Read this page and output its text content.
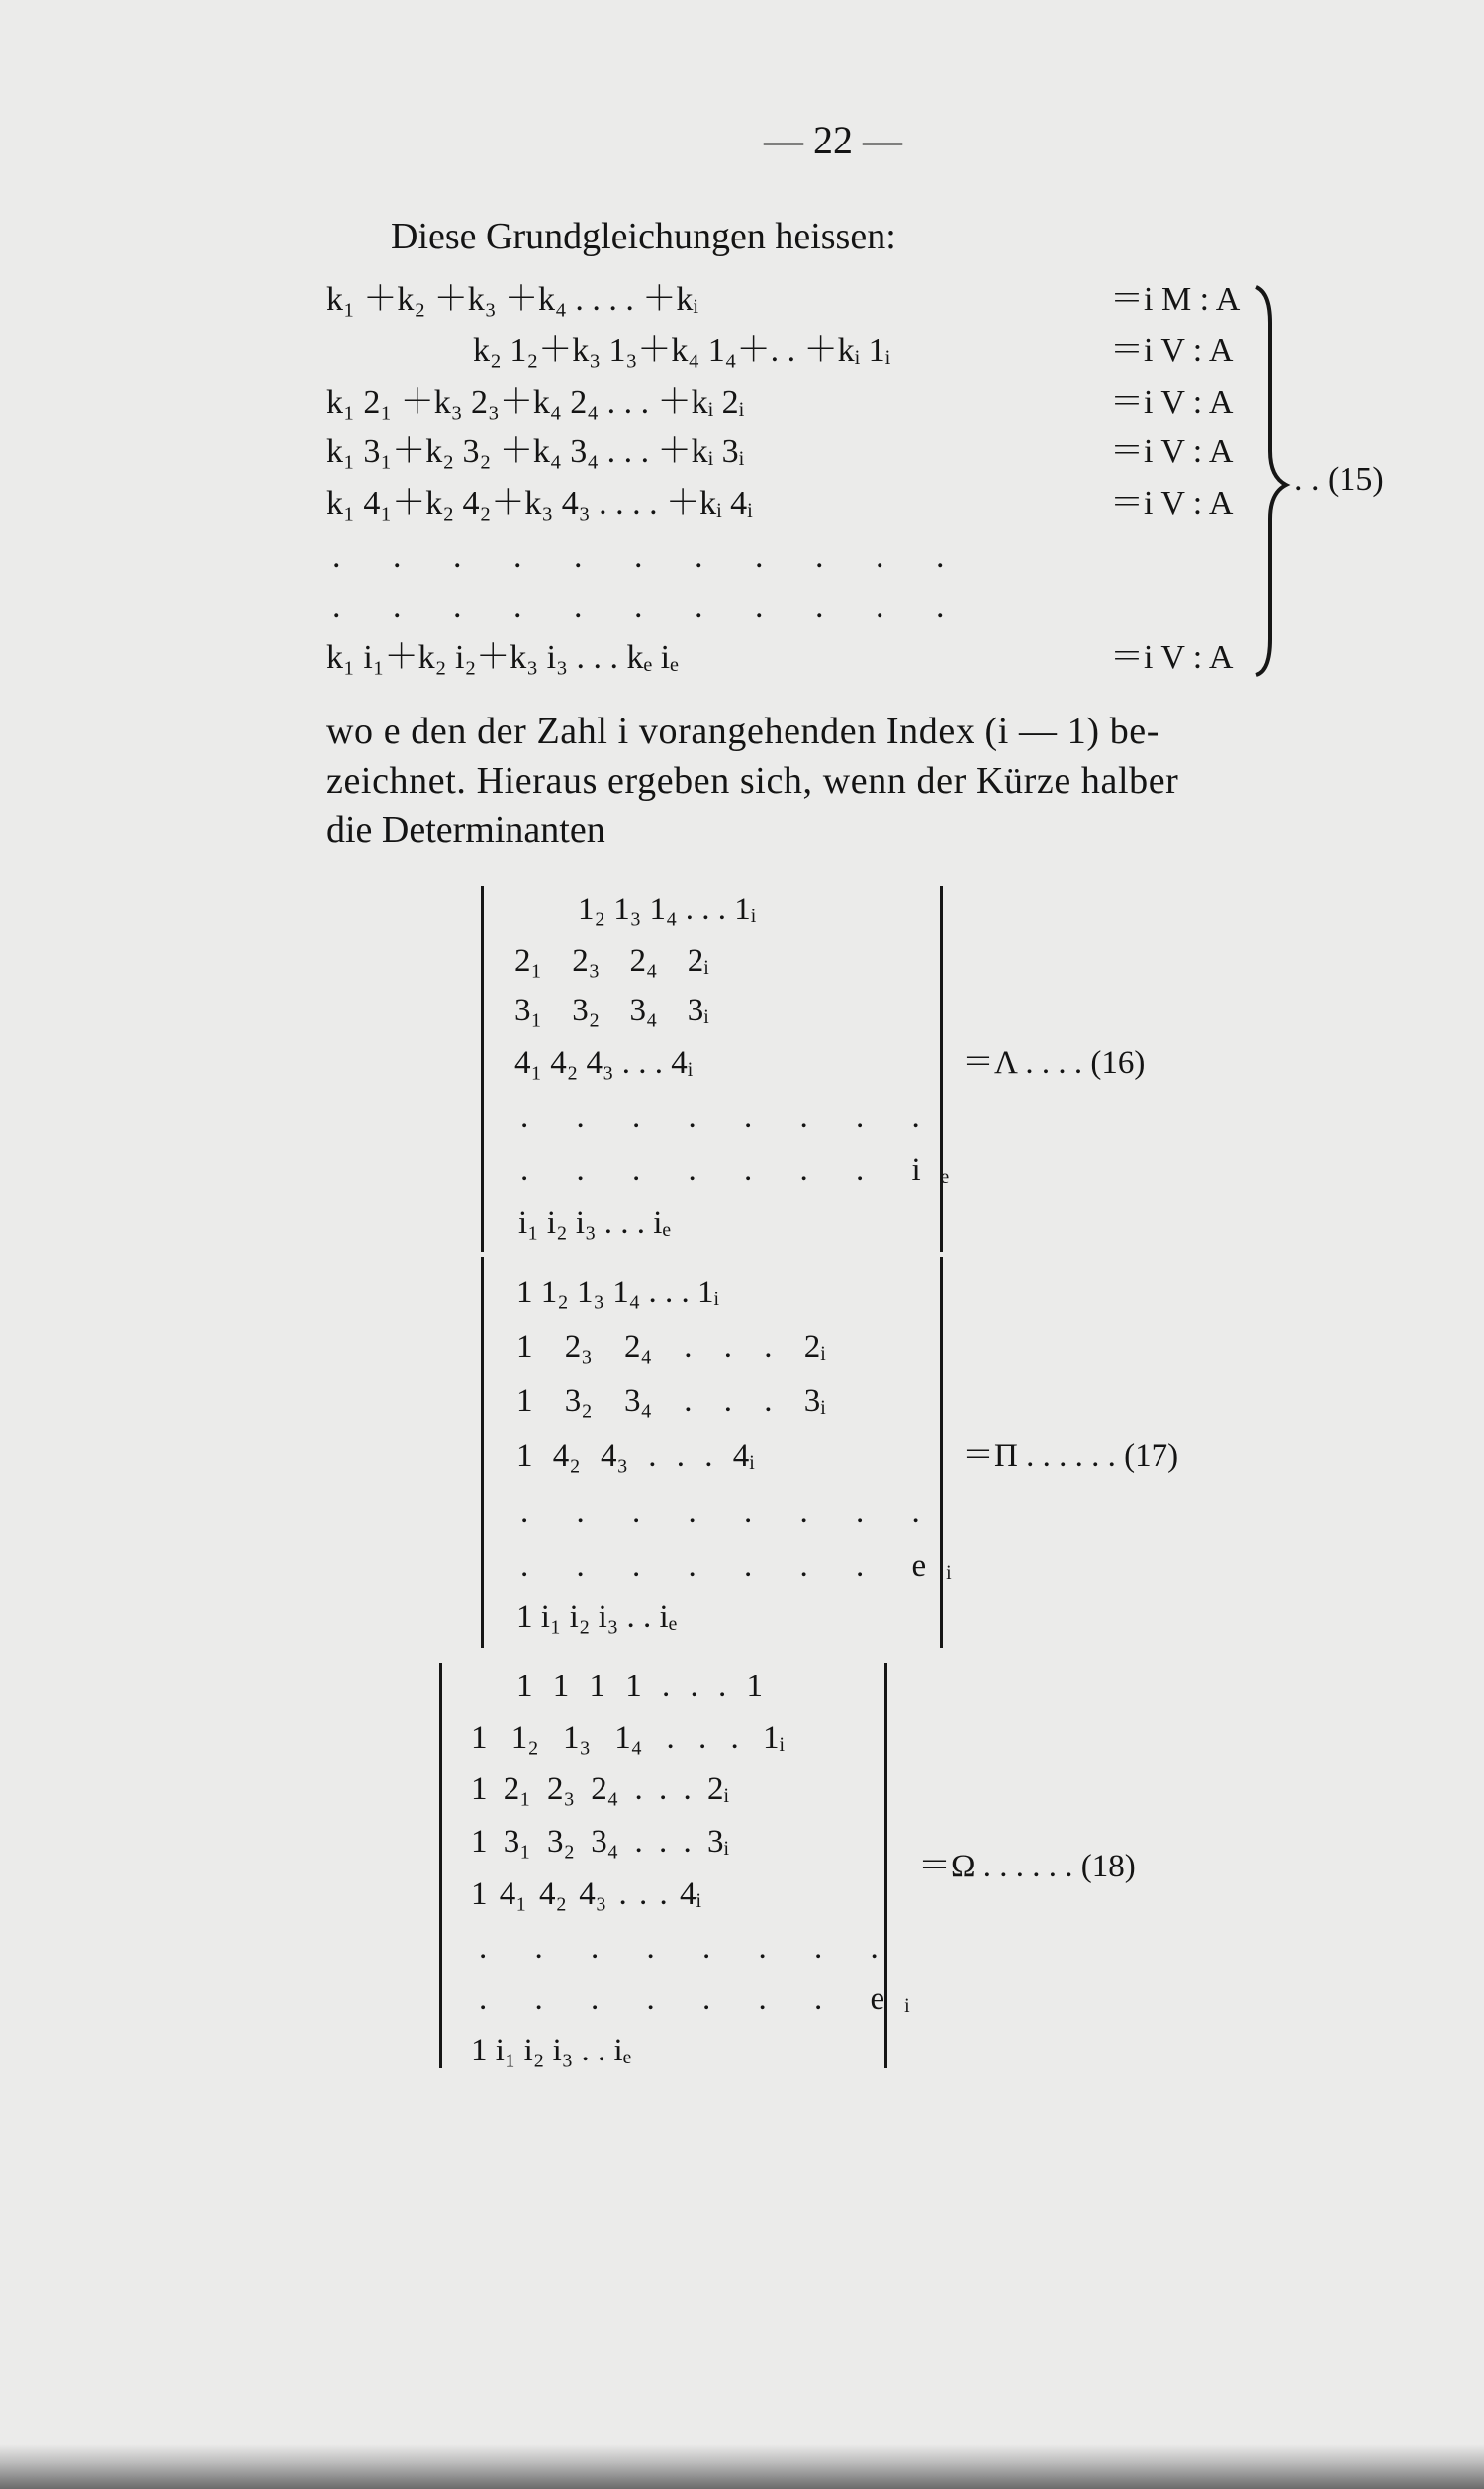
— 22 —
Diese Grundgleichungen heissen:
k₁ ＋k₂ ＋k₃ ＋k₄ . . . . ＋kᵢ	＝i M : A
k₂ 1₂＋k₃ 1₃＋k₄ 1₄＋. . ＋kᵢ 1ᵢ	＝i V : A
k₁ 2₁ ＋k₃ 2₃＋k₄ 2₄ . . . ＋kᵢ 2ᵢ	＝i V : A
k₁ 3₁＋k₂ 3₂ ＋k₄ 3₄ . . . ＋kᵢ 3ᵢ	＝i V : A
k₁ 4₁＋k₂ 4₂＋k₃ 4₃ . . . . ＋kᵢ 4ᵢ	＝i V : A
. . . . . . . . . . .
. . . . . . . . . . .
k₁ i₁＋k₂ i₂＋k₃ i₃ . . . kₑ iₑ	＝i V : A
. . (15)
wo e den der Zahl i vorangehenden Index (i — 1) be-
zeichnet. Hieraus ergeben sich, wenn der Kürze halber
die Determinanten
1₂ 1₃ 1₄ . . . 1ᵢ
2₁ 2₃ 2₄ 2ᵢ
3₁ 3₂ 3₄ 3ᵢ
4₁ 4₂ 4₃ . . . 4ᵢ
. . . . . . . .
. . . . . . . iₑ
i₁ i₂ i₃ . . . iₑ
＝Λ . . . . (16)
1 1₂ 1₃ 1₄ . . . 1ᵢ
1 2₃ 2₄ . . . 2ᵢ
1 3₂ 3₄ . . . 3ᵢ
1 4₂ 4₃ . . . 4ᵢ
. . . . . . . .
. . . . . . . eᵢ
1 i₁ i₂ i₃ . . iₑ
＝Π . . . . . . (17)
1 1 1 1 . . . 1
1 1₂ 1₃ 1₄ . . . 1ᵢ
1 2₁ 2₃ 2₄ . . . 2ᵢ
1 3₁ 3₂ 3₄ . . . 3ᵢ
1 4₁ 4₂ 4₃ . . . 4ᵢ
. . . . . . . .
. . . . . . . eᵢ
1 i₁ i₂ i₃ . . iₑ
＝Ω . . . . . . (18)
